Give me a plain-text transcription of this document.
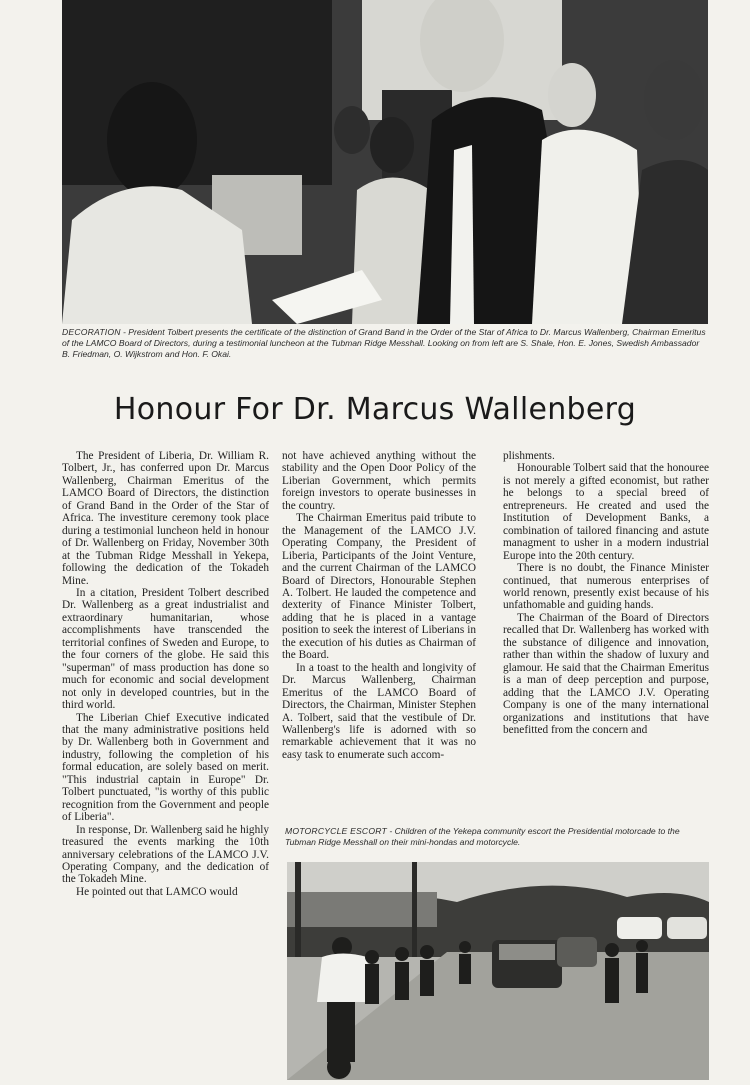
DECORATION - President Tolbert presents the certificate of the distinction of Grand Band in the Order of the Star of Africa to Dr. Marcus Wallenberg, Chairman Emeritus of the LAMCO Board of Directors, during a testimonial luncheon at the Tubman Ridge Messhall. Looking on from left are S. Shale, Hon. E. Jones, Swedish Ambassador B. Friedman, O. Wijkstrom and Hon. F. Okai.

Honour For Dr. Marcus Wallenberg

The President of Liberia, Dr. William R. Tolbert, Jr., has conferred upon Dr. Marcus Wallenberg, Chairman Emeritus of the LAMCO Board of Directors, the distinction of Grand Band in the Order of the Star of Africa. The investiture ceremony took place during a testimonial luncheon held in honour of Dr. Wallenberg on Friday, November 30th at the Tubman Ridge Messhall in Yekepa, following the dedication of the Tokadeh Mine.

In a citation, President Tolbert described Dr. Wallenberg as a great industrialist and extraordinary humanitarian, whose accomplishments have transcended the territorial confines of Sweden and Europe, to the four corners of the globe. He said this "superman" of mass production has done so much for economic and social development not only in developed countries, but in the third world.

The Liberian Chief Executive indicated that the many administrative positions held by Dr. Wallenberg both in Government and industry, following the completion of his formal education, are solely based on merit. "This industrial captain in Europe" Dr. Tolbert punctuated, "is worthy of this public recognition from the Government and people of Liberia".

In response, Dr. Wallenberg said he highly treasured the events marking the 10th anniversary celebrations of the LAMCO J.V. Operating Company, and the dedication of the Tokadeh Mine.

He pointed out that LAMCO would

not have achieved anything without the stability and the Open Door Policy of the Liberian Government, which permits foreign investors to operate businesses in the country.

The Chairman Emeritus paid tribute to the Management of the LAMCO J.V. Operating Company, the President of Liberia, Participants of the Joint Venture, and the current Chairman of the LAMCO Board of Directors, Honourable Stephen A. Tolbert. He lauded the competence and dexterity of Finance Minister Tolbert, adding that he is placed in a vantage position to seek the interest of Liberians in the execution of his duties as Chairman of the Board.

In a toast to the health and longivity of Dr. Marcus Wallenberg, Chairman Emeritus of the LAMCO Board of Directors, the Chairman, Minister Stephen A. Tolbert, said that the vestibule of Dr. Wallenberg's life is adorned with so remarkable achievement that it was no easy task to enumerate such accom-

plishments.

Honourable Tolbert said that the honouree is not merely a gifted economist, but rather he belongs to a special breed of entrepreneurs. He created and used the Institution of Development Banks, a combination of tailored financing and astute managment to usher in a modern industrial Europe into the 20th century.

There is no doubt, the Finance Minister continued, that numerous enterprises of world renown, presently exist because of his unfathomable and guiding hands.

The Chairman of the Board of Directors recalled that Dr. Wallenberg has worked with the substance of diligence and innovation, rather than within the shadow of luxury and glamour. He said that the Chairman Emeritus is a man of deep perception and purpose, adding that the LAMCO J.V. Operating Company is one of the many international organizations and institutions that have benefitted from the concern and

MOTORCYCLE ESCORT - Children of the Yekepa community escort the Presidential motorcade to the Tubman Ridge Messhall on their mini-hondas and motorcycle.
